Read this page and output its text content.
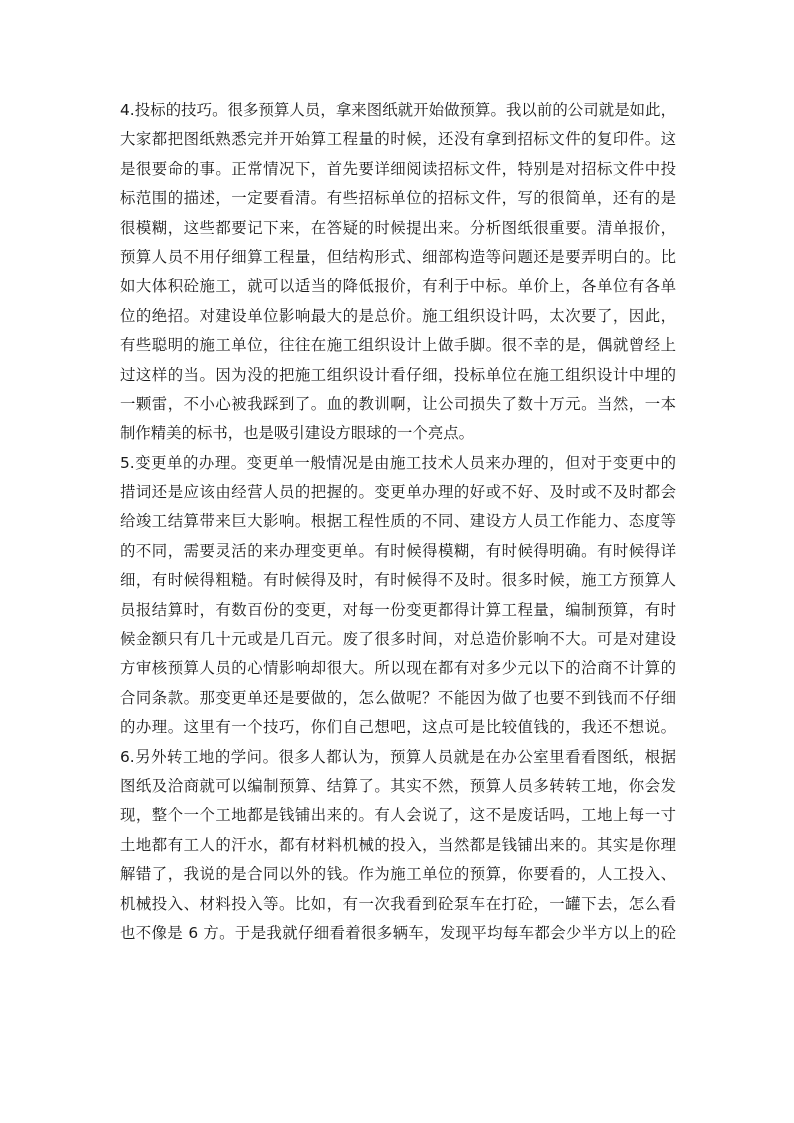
4.投标的技巧。很多预算人员，拿来图纸就开始做预算。我以前的公司就是如此，
大家都把图纸熟悉完并开始算工程量的时候，还没有拿到招标文件的复印件。这
是很要命的事。正常情况下，首先要详细阅读招标文件，特别是对招标文件中投
标范围的描述，一定要看清。有些招标单位的招标文件，写的很简单，还有的是
很模糊，这些都要记下来，在答疑的时候提出来。分析图纸很重要。清单报价，
预算人员不用仔细算工程量，但结构形式、细部构造等问题还是要弄明白的。比
如大体积砼施工，就可以适当的降低报价，有利于中标。单价上，各单位有各单
位的绝招。对建设单位影响最大的是总价。施工组织设计吗，太次要了，因此，
有些聪明的施工单位，往往在施工组织设计上做手脚。很不幸的是，偶就曾经上
过这样的当。因为没的把施工组织设计看仔细，投标单位在施工组织设计中埋的
一颗雷，不小心被我踩到了。血的教训啊，让公司损失了数十万元。当然，一本
制作精美的标书，也是吸引建设方眼球的一个亮点。
5.变更单的办理。变更单一般情况是由施工技术人员来办理的，但对于变更中的
措词还是应该由经营人员的把握的。变更单办理的好或不好、及时或不及时都会
给竣工结算带来巨大影响。根据工程性质的不同、建设方人员工作能力、态度等
的不同，需要灵活的来办理变更单。有时候得模糊，有时候得明确。有时候得详
细，有时候得粗糙。有时候得及时，有时候得不及时。很多时候，施工方预算人
员报结算时，有数百份的变更，对每一份变更都得计算工程量，编制预算，有时
候金额只有几十元或是几百元。废了很多时间，对总造价影响不大。可是对建设
方审核预算人员的心情影响却很大。所以现在都有对多少元以下的洽商不计算的
合同条款。那变更单还是要做的，怎么做呢？不能因为做了也要不到钱而不仔细
的办理。这里有一个技巧，你们自己想吧，这点可是比较值钱的，我还不想说。
6.另外转工地的学问。很多人都认为，预算人员就是在办公室里看看图纸，根据
图纸及洽商就可以编制预算、结算了。其实不然，预算人员多转转工地，你会发
现，整个一个工地都是钱铺出来的。有人会说了，这不是废话吗，工地上每一寸
土地都有工人的汗水，都有材料机械的投入，当然都是钱铺出来的。其实是你理
解错了，我说的是合同以外的钱。作为施工单位的预算，你要看的，人工投入、
机械投入、材料投入等。比如，有一次我看到砼泵车在打砼，一罐下去，怎么看
也不像是 6 方。于是我就仔细看着很多辆车，发现平均每车都会少半方以上的砼
